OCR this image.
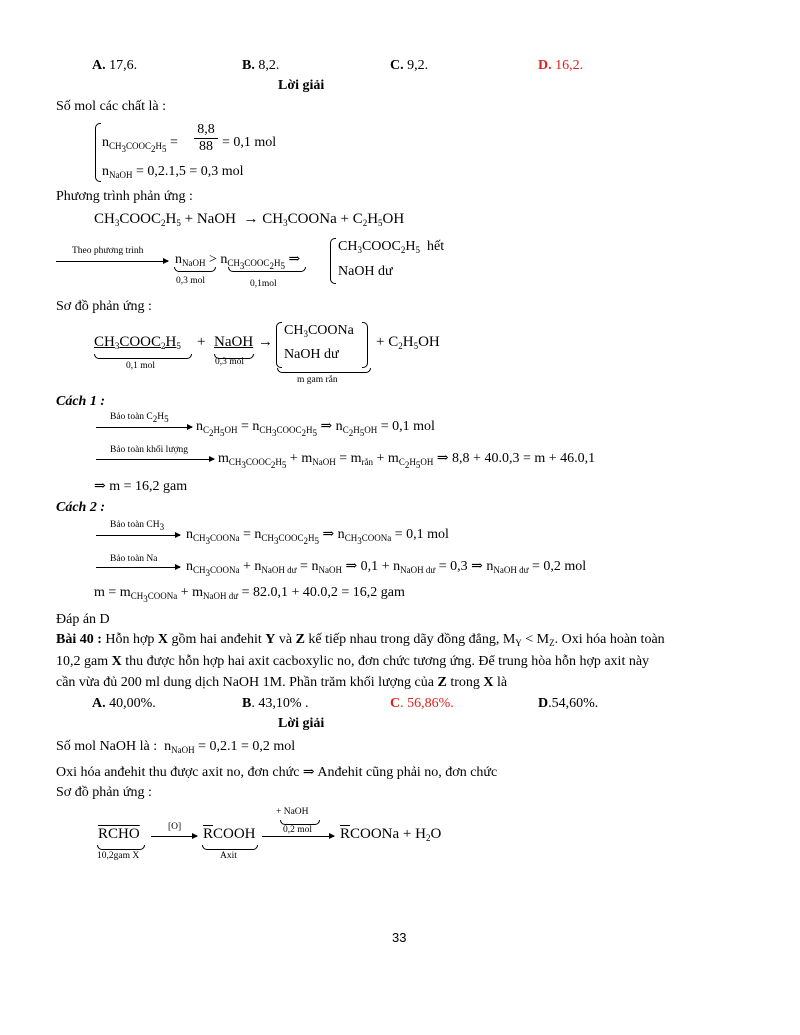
A. 17,6.	B. 8,2.	C. 9,2.	D. 16,2.
Lời giải
Số mol các chất là :
$n_{CH_3COOC_2H_5}$ =
8,8
88 = 0,1 mol
$n_{NaOH} = 0,2.1,5 = 0,3$ mol
Phương trình phản ứng :
$CH_3COOC_2H_5$ + NaOH  → $CH_3COONa + C_2H_5OH$
Theo phương trình
$n_{NaOH} > n_{CH_3COOC_2H_5}$ ⇒
0,3 mol	0,1mol
$CH_3COOC_2H_5$  hết
NaOH dư
Sơ đồ phản ứng :
$CH_3COOC_2H_5$
0,1 mol
+ NaOH
0,3 mol
→
$CH_3COONa$
NaOH dư
+ $C_2H_5OH$
m gam rắn
Cách 1 :
Bảo toàn $C_2H_5$ $n_{C_2H_5OH} = n_{CH_3COOC_2H_5}$ ⇒ $n_{C_2H_5OH} = 0,1$ mol
Bảo toàn khối lượng
$m_{CH_3COOC_2H_5} + m_{NaOH} = m_{rắn} + m_{C_2H_5OH}$ ⇒ 8,8 + 40.0,3 = m + 46.0,1
⇒ m = 16,2 gam
Cách 2 :
Bảo toàn $CH_3$ $n_{CH_3COONa} = n_{CH_3COOC_2H_5}$ ⇒ $n_{CH_3COONa} = 0,1$ mol
Bảo toàn Na $n_{CH_3COONa} + n_{NaOH dư} = n_{NaOH}$ ⇒ $0,1 + n_{NaOH dư} = 0,3$ ⇒ $n_{NaOH dư} = 0,2$ mol
$m = m_{CH_3COONa} + m_{NaOH dư} = 82.0,1 + 40.0,2 = 16,2$ gam
Đáp án D
Bài 40 : Hỗn hợp X gồm hai anđehit Y và Z kế tiếp nhau trong dãy đồng đẳng, $M_Y < M_Z$. Oxi hóa hoàn toàn
10,2 gam X thu được hỗn hợp hai axit cacboxylic no, đơn chức tương ứng. Để trung hòa hỗn hợp axit này
cần vừa đủ 200 ml dung dịch NaOH 1M. Phần trăm khối lượng của Z trong X là
A. 40,00%.	B. 43,10% .	C. 56,86%.	D.54,60%.
Lời giải
Số mol NaOH là :  $n_{NaOH} = 0,2.1 = 0,2$ mol
Oxi hóa anđehit thu được axit no, đơn chức ⇒ Anđehit cũng phải no, đơn chức
Sơ đồ phản ứng :
RCHO
10,2gam X
[O] $\overline{R}COOH$
Axit
+ NaOH
0,2 mol $\overline{R}COONa + H_2O$
33
